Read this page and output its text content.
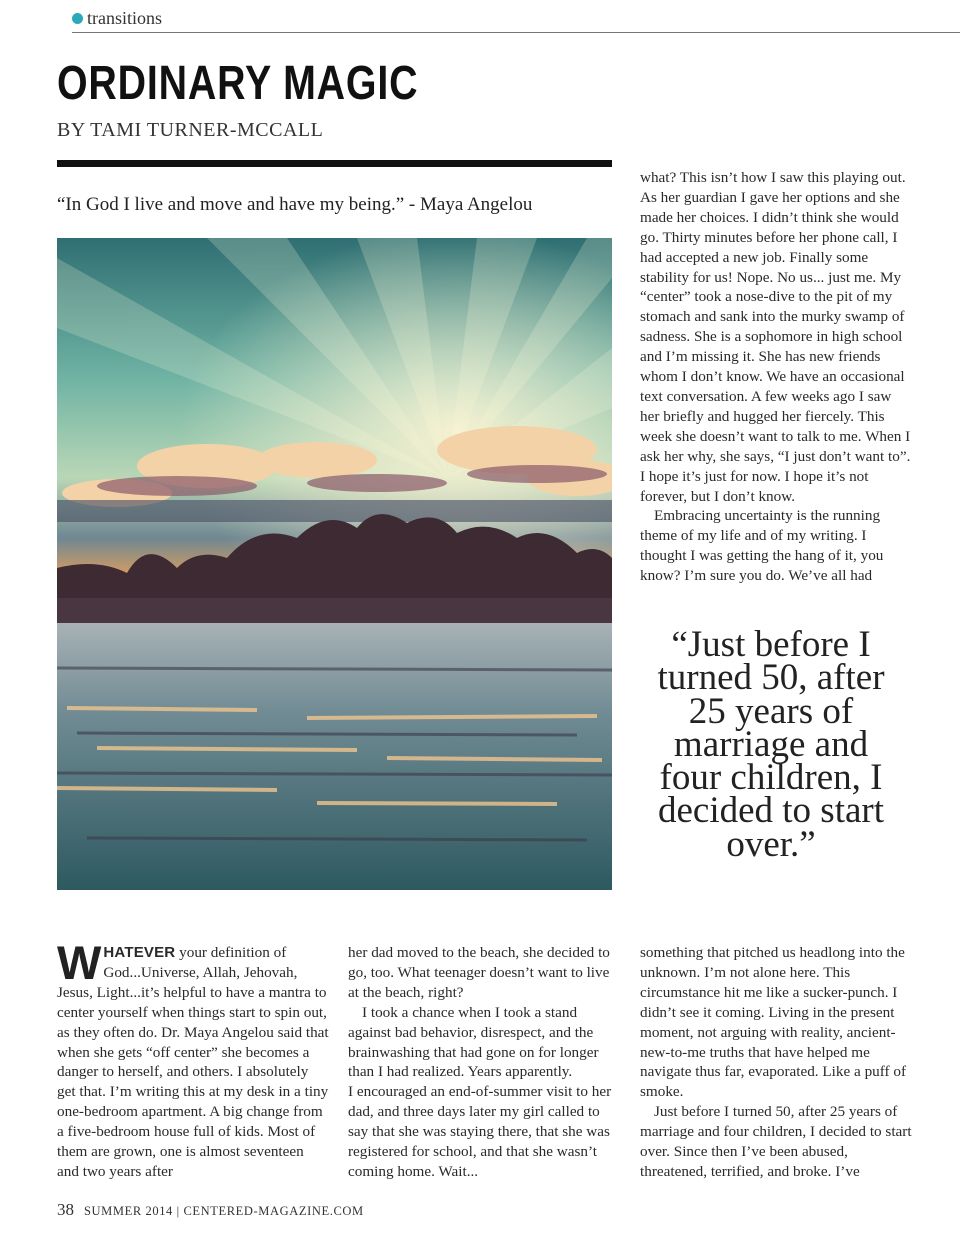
transitions
ORDINARY MAGIC
BY TAMI TURNER-MCCALL
“In God I live and move and have my being.” - Maya Angelou

what? This isn’t how I saw this playing out. As her guardian I gave her options and she made her choices. I didn’t think she would go. Thirty minutes before her phone call, I had accepted a new job. Finally some stability for us! Nope. No us... just me. My “center” took a nose-dive to the pit of my stomach and sank into the murky swamp of sadness. She is a sophomore in high school and I’m missing it. She has new friends whom I don’t know. We have an occasional text conversation. A few weeks ago I saw her briefly and hugged her fiercely. This week she doesn’t want to talk to me. When I ask her why, she says, “I just don’t want to”. I hope it’s just for now. I hope it’s not forever, but I don’t know.

Embracing uncertainty is the running theme of my life and of my writing. I thought I was getting the hang of it, you know? I’m sure you do. We’ve all had

“Just before I turned 50, after 25 years of marriage and four children, I decided to start over.”

WHATEVER your definition of God...Universe, Allah, Jehovah, Jesus, Light...it’s helpful to have a mantra to center yourself when things start to spin out, as they often do. Dr. Maya Angelou said that when she gets “off center” she becomes a danger to herself, and others. I absolutely get that. I’m writing this at my desk in a tiny one-bedroom apartment. A big change from a five-bedroom house full of kids. Most of them are grown, one is almost seventeen and two years after

her dad moved to the beach, she decided to go, too. What teenager doesn’t want to live at the beach, right?

I took a chance when I took a stand against bad behavior, disrespect, and the brainwashing that had gone on for longer than I had realized. Years apparently.

I encouraged an end-of-summer visit to her dad, and three days later my girl called to say that she was staying there, that she was registered for school, and that she wasn’t coming home. Wait...

something that pitched us headlong into the unknown. I’m not alone here. This circumstance hit me like a sucker-punch. I didn’t see it coming. Living in the present moment, not arguing with reality, ancient-new-to-me truths that have helped me navigate thus far, evaporated. Like a puff of smoke.

Just before I turned 50, after 25 years of marriage and four children, I decided to start over. Since then I’ve been abused, threatened, terrified, and broke. I’ve

38 SUMMER 2014 | CENTERED-MAGAZINE.COM
